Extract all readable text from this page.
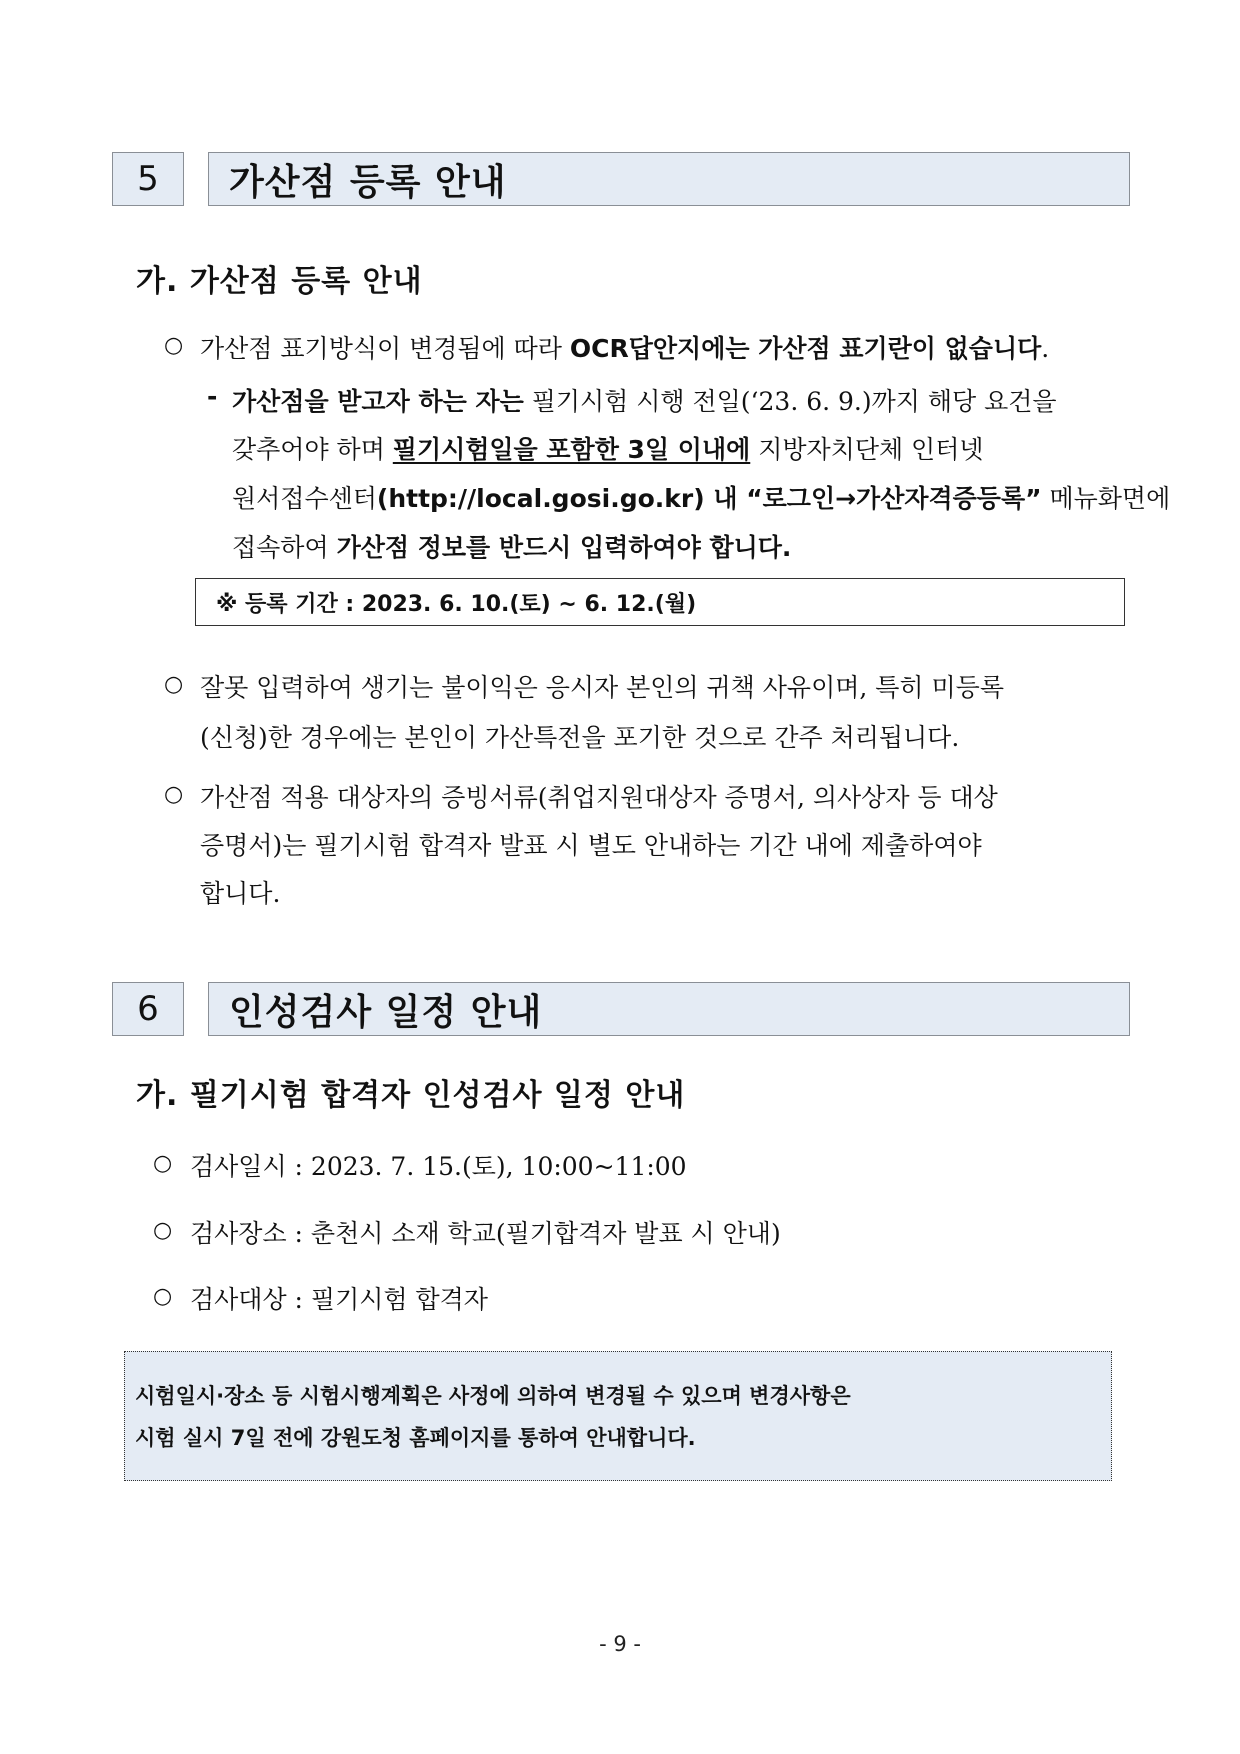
5	가산점 등록 안내
가. 가산점 등록 안내
○ 가산점 표기방식이 변경됨에 따라 OCR답안지에는 가산점 표기란이 없습니다.
- 가산점을 받고자 하는 자는 필기시험 시행 전일(‘23. 6. 9.)까지 해당 요건을
갖추어야 하며 필기시험일을 포함한 3일 이내에 지방자치단체 인터넷
원서접수센터(http://local.gosi.go.kr) 내 “로그인→가산자격증등록” 메뉴화면에
접속하여 가산점 정보를 반드시 입력하여야 합니다.
※ 등록 기간 : 2023. 6. 10.(토) ~ 6. 12.(월)
○ 잘못 입력하여 생기는 불이익은 응시자 본인의 귀책 사유이며, 특히 미등록
(신청)한 경우에는 본인이 가산특전을 포기한 것으로 간주 처리됩니다.
○ 가산점 적용 대상자의 증빙서류(취업지원대상자 증명서, 의사상자 등 대상
증명서)는 필기시험 합격자 발표 시 별도 안내하는 기간 내에 제출하여야
합니다.
6	인성검사 일정 안내
가. 필기시험 합격자 인성검사 일정 안내
○ 검사일시 : 2023. 7. 15.(토), 10:00~11:00
○ 검사장소 : 춘천시 소재 학교(필기합격자 발표 시 안내)
○ 검사대상 : 필기시험 합격자
시험일시·장소 등 시험시행계획은 사정에 의하여 변경될 수 있으며 변경사항은
시험 실시 7일 전에 강원도청 홈페이지를 통하여 안내합니다.
- 9 -
